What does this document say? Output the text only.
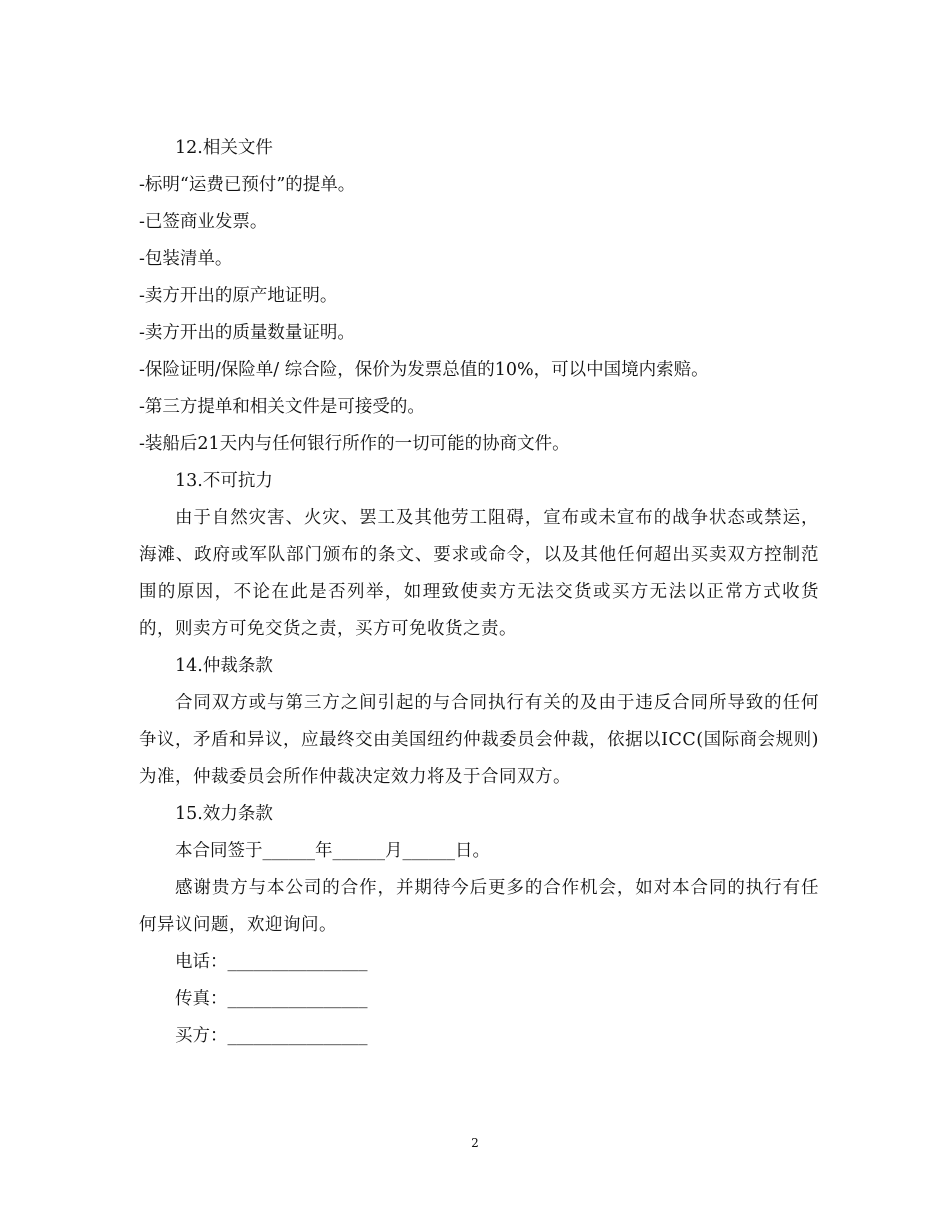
12.相关文件
-标明“运费已预付”的提单。
-已签商业发票。
-包装清单。
-卖方开出的原产地证明。
-卖方开出的质量数量证明。
-保险证明/保险单/ 综合险，保价为发票总值的10%，可以中国境内索赔。
-第三方提单和相关文件是可接受的。
-装船后21天内与任何银行所作的一切可能的协商文件。
13.不可抗力
由于自然灾害、火灾、罢工及其他劳工阻碍，宣布或未宣布的战争状态或禁运，海滩、政府或军队部门颁布的条文、要求或命令，以及其他任何超出买卖双方控制范围的原因，不论在此是否列举，如理致使卖方无法交货或买方无法以正常方式收货的，则卖方可免交货之责，买方可免收货之责。
14.仲裁条款
合同双方或与第三方之间引起的与合同执行有关的及由于违反合同所导致的任何争议，矛盾和异议，应最终交由美国纽约仲裁委员会仲裁，依据以ICC(国际商会规则)为准，仲裁委员会所作仲裁决定效力将及于合同双方。
15.效力条款
本合同签于______年______月______日。
感谢贵方与本公司的合作，并期待今后更多的合作机会，如对本合同的执行有任何异议问题，欢迎询问。
电话：________________
传真：________________
买方：________________
2
